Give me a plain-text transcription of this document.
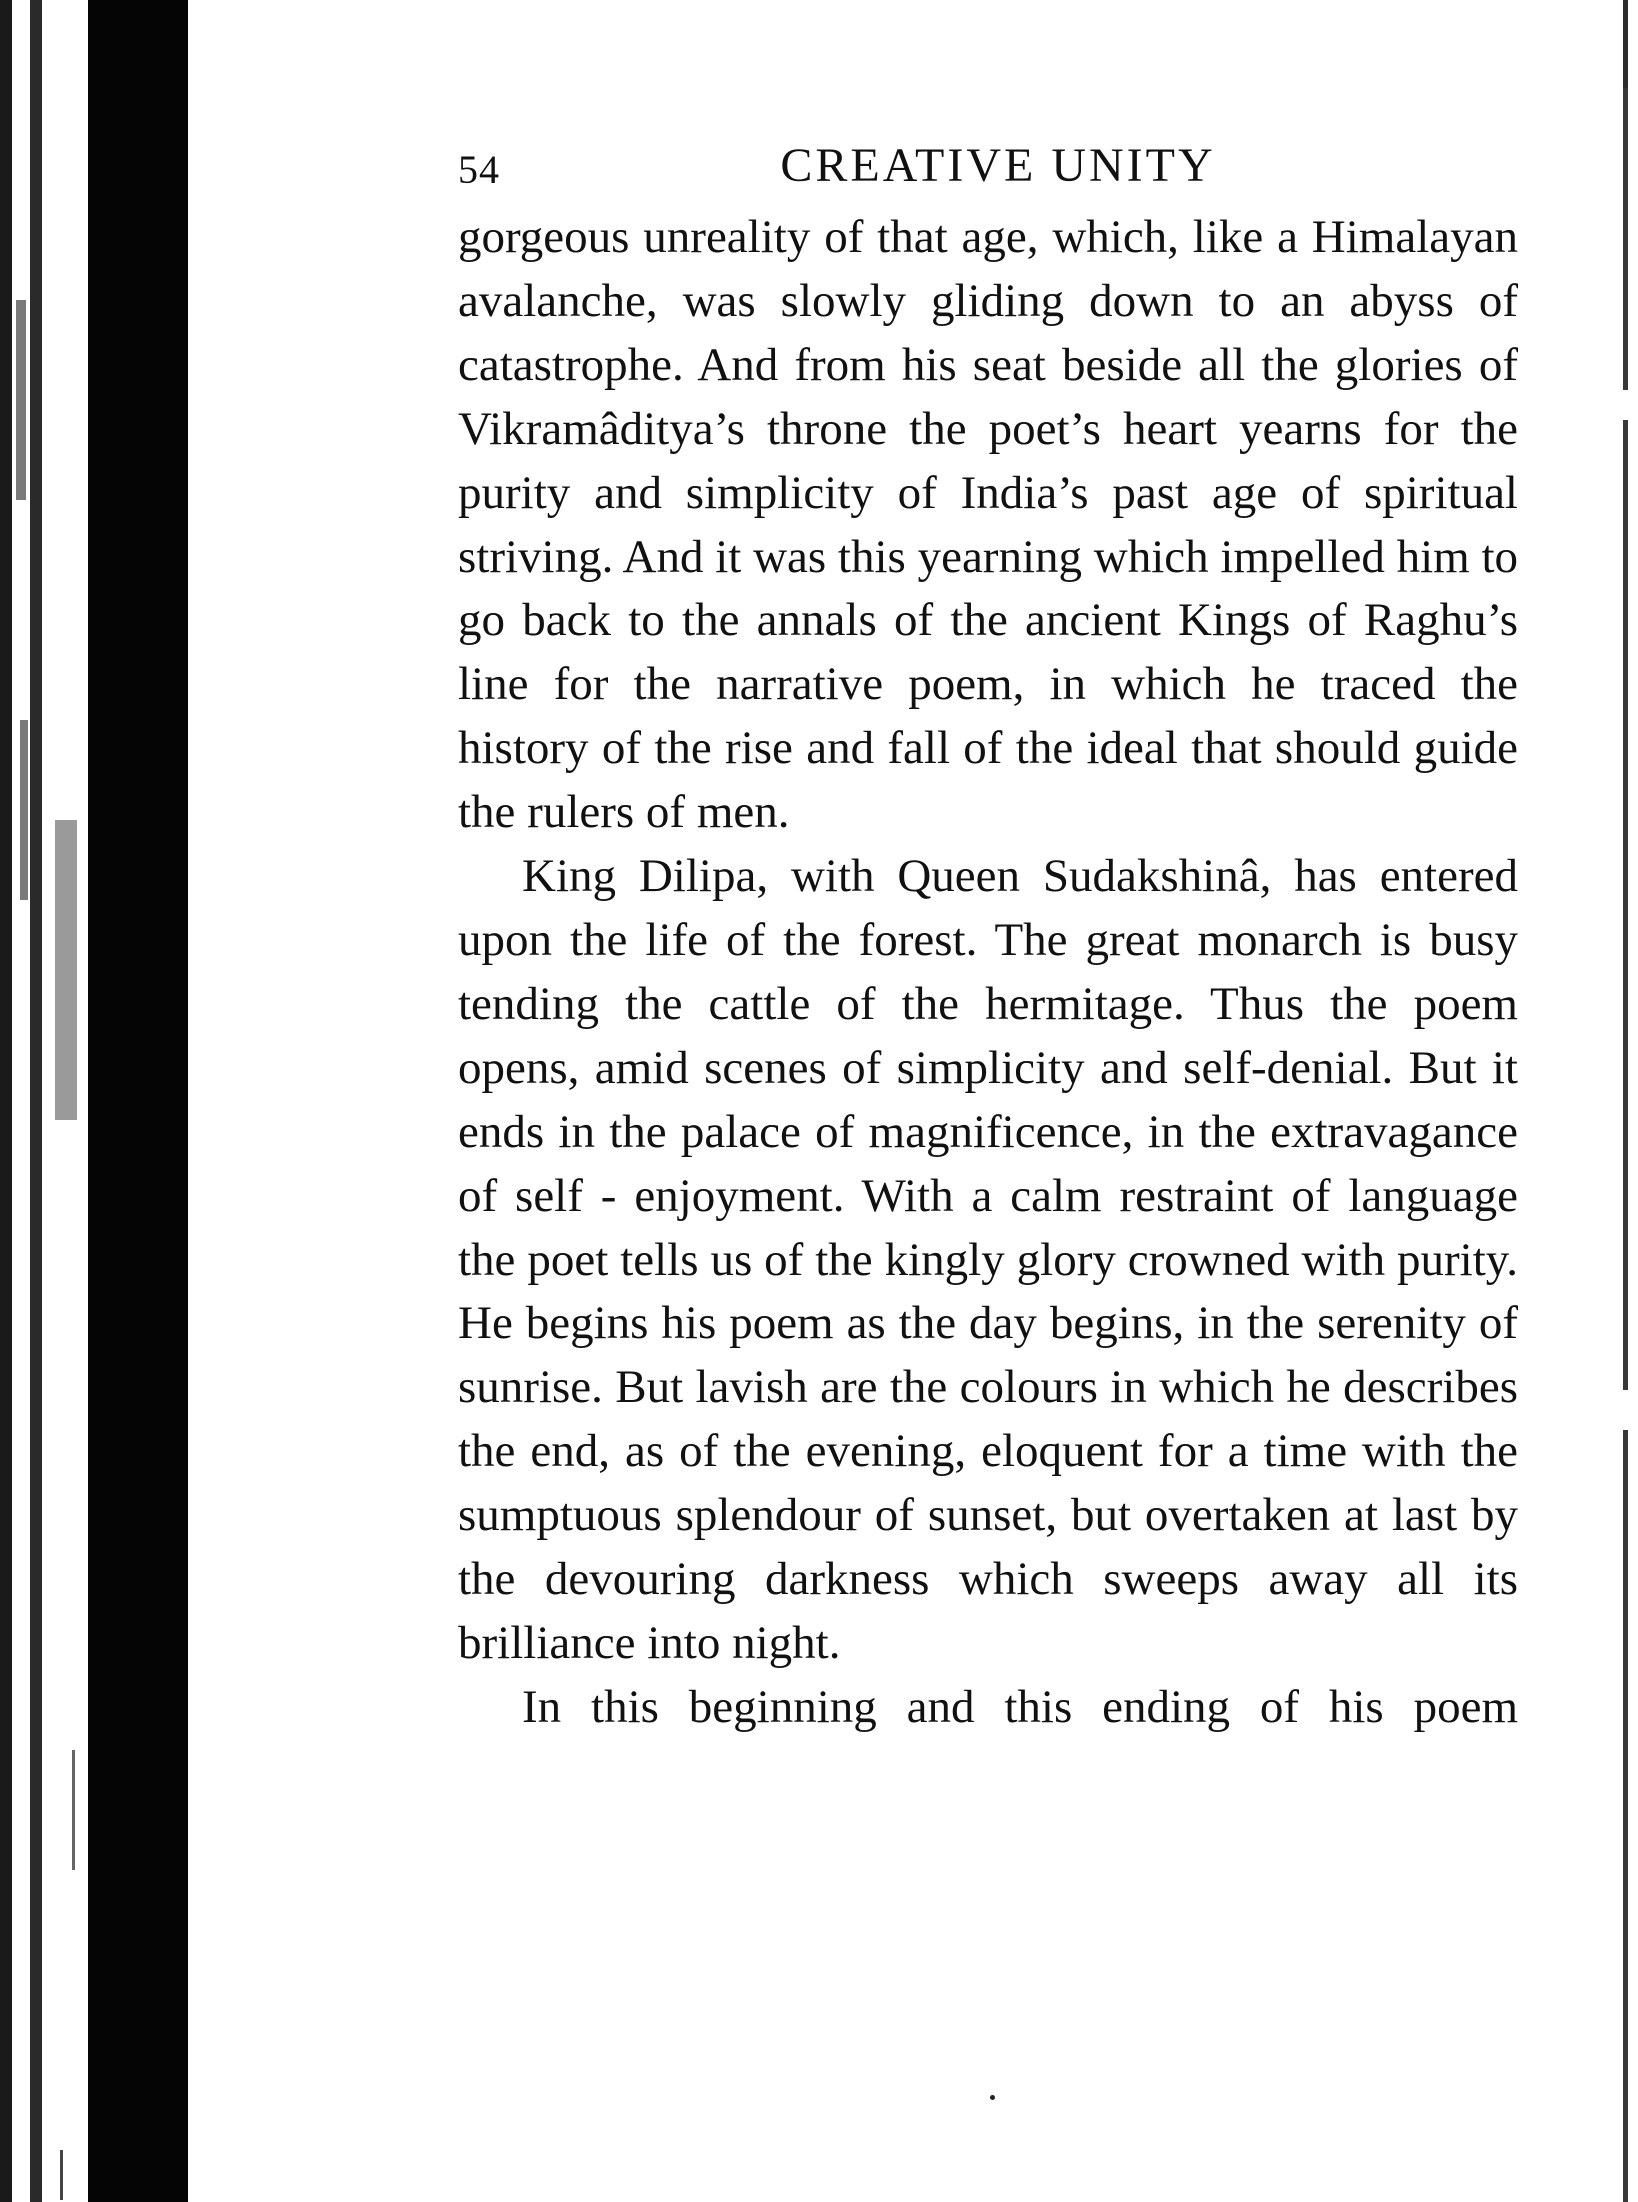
54	CREATIVE UNITY

gorgeous unreality of that age, which, like a Himalayan avalanche, was slowly gliding down to an abyss of catastrophe. And from his seat beside all the glories of Vikramâditya’s throne the poet’s heart yearns for the purity and simplicity of India’s past age of spiritual striving. And it was this yearning which impelled him to go back to the annals of the ancient Kings of Raghu’s line for the narrative poem, in which he traced the history of the rise and fall of the ideal that should guide the rulers of men.

King Dilipa, with Queen Sudakshinâ, has entered upon the life of the forest. The great monarch is busy tending the cattle of the hermitage. Thus the poem opens, amid scenes of simplicity and self-denial. But it ends in the palace of magnificence, in the extravagance of self - enjoyment. With a calm restraint of language the poet tells us of the kingly glory crowned with purity. He begins his poem as the day begins, in the serenity of sunrise. But lavish are the colours in which he describes the end, as of the evening, eloquent for a time with the sumptuous splendour of sunset, but overtaken at last by the devouring darkness which sweeps away all its brilliance into night.

In this beginning and this ending of his poem
